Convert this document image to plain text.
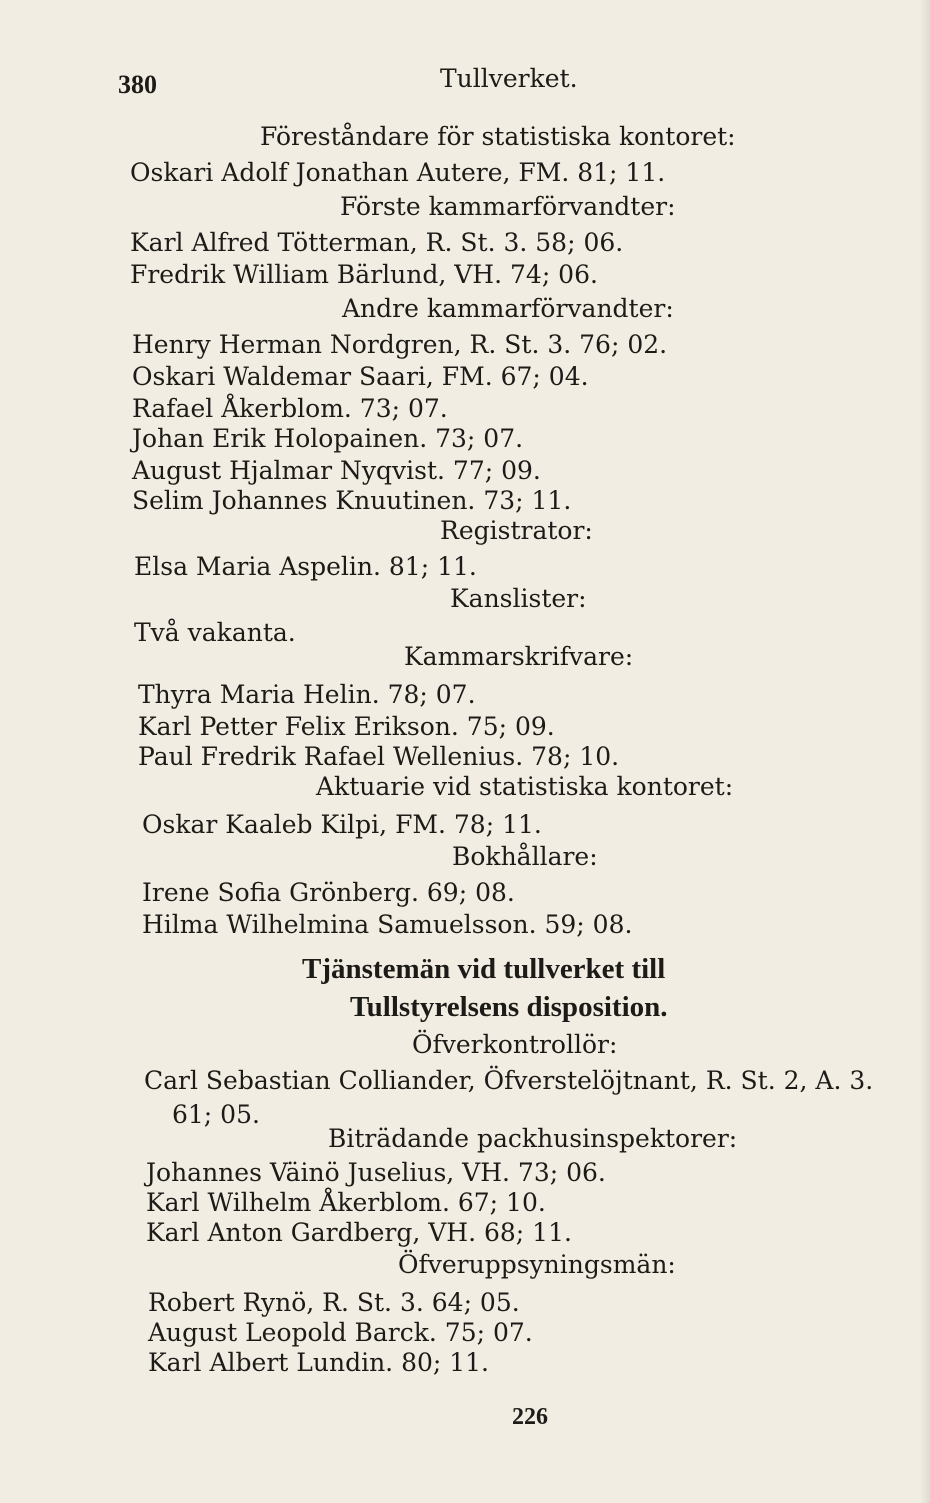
380	Tullverket.
Föreståndare för statistiska kontoret:
Oskari Adolf Jonathan Autere, FM. 81; 11.
Förste kammarförvandter:
Karl Alfred Tötterman, R. St. 3. 58; 06.
Fredrik William Bärlund, VH. 74; 06.
Andre kammarförvandter:
Henry Herman Nordgren, R. St. 3. 76; 02.
Oskari Waldemar Saari, FM. 67; 04.
Rafael Åkerblom. 73; 07.
Johan Erik Holopainen. 73; 07.
August Hjalmar Nyqvist. 77; 09.
Selim Johannes Knuutinen. 73; 11.
Registrator:
Elsa Maria Aspelin. 81; 11.
Kanslister:
Två vakanta.
Kammarskrifvare:
Thyra Maria Helin. 78; 07.
Karl Petter Felix Erikson. 75; 09.
Paul Fredrik Rafael Wellenius. 78; 10.
Aktuarie vid statistiska kontoret:
Oskar Kaaleb Kilpi, FM. 78; 11.
Bokhållare:
Irene Sofia Grönberg. 69; 08.
Hilma Wilhelmina Samuelsson. 59; 08.
Tjänstemän vid tullverket till
Tullstyrelsens disposition.
Öfverkontrollör:
Carl Sebastian Colliander, Öfverstelöjtnant, R. St. 2, A. 3.
61; 05.
Biträdande packhusinspektorer:
Johannes Väinö Juselius, VH. 73; 06.
Karl Wilhelm Åkerblom. 67; 10.
Karl Anton Gardberg, VH. 68; 11.
Öfveruppsyningsmän:
Robert Rynö, R. St. 3. 64; 05.
August Leopold Barck. 75; 07.
Karl Albert Lundin. 80; 11.
226
